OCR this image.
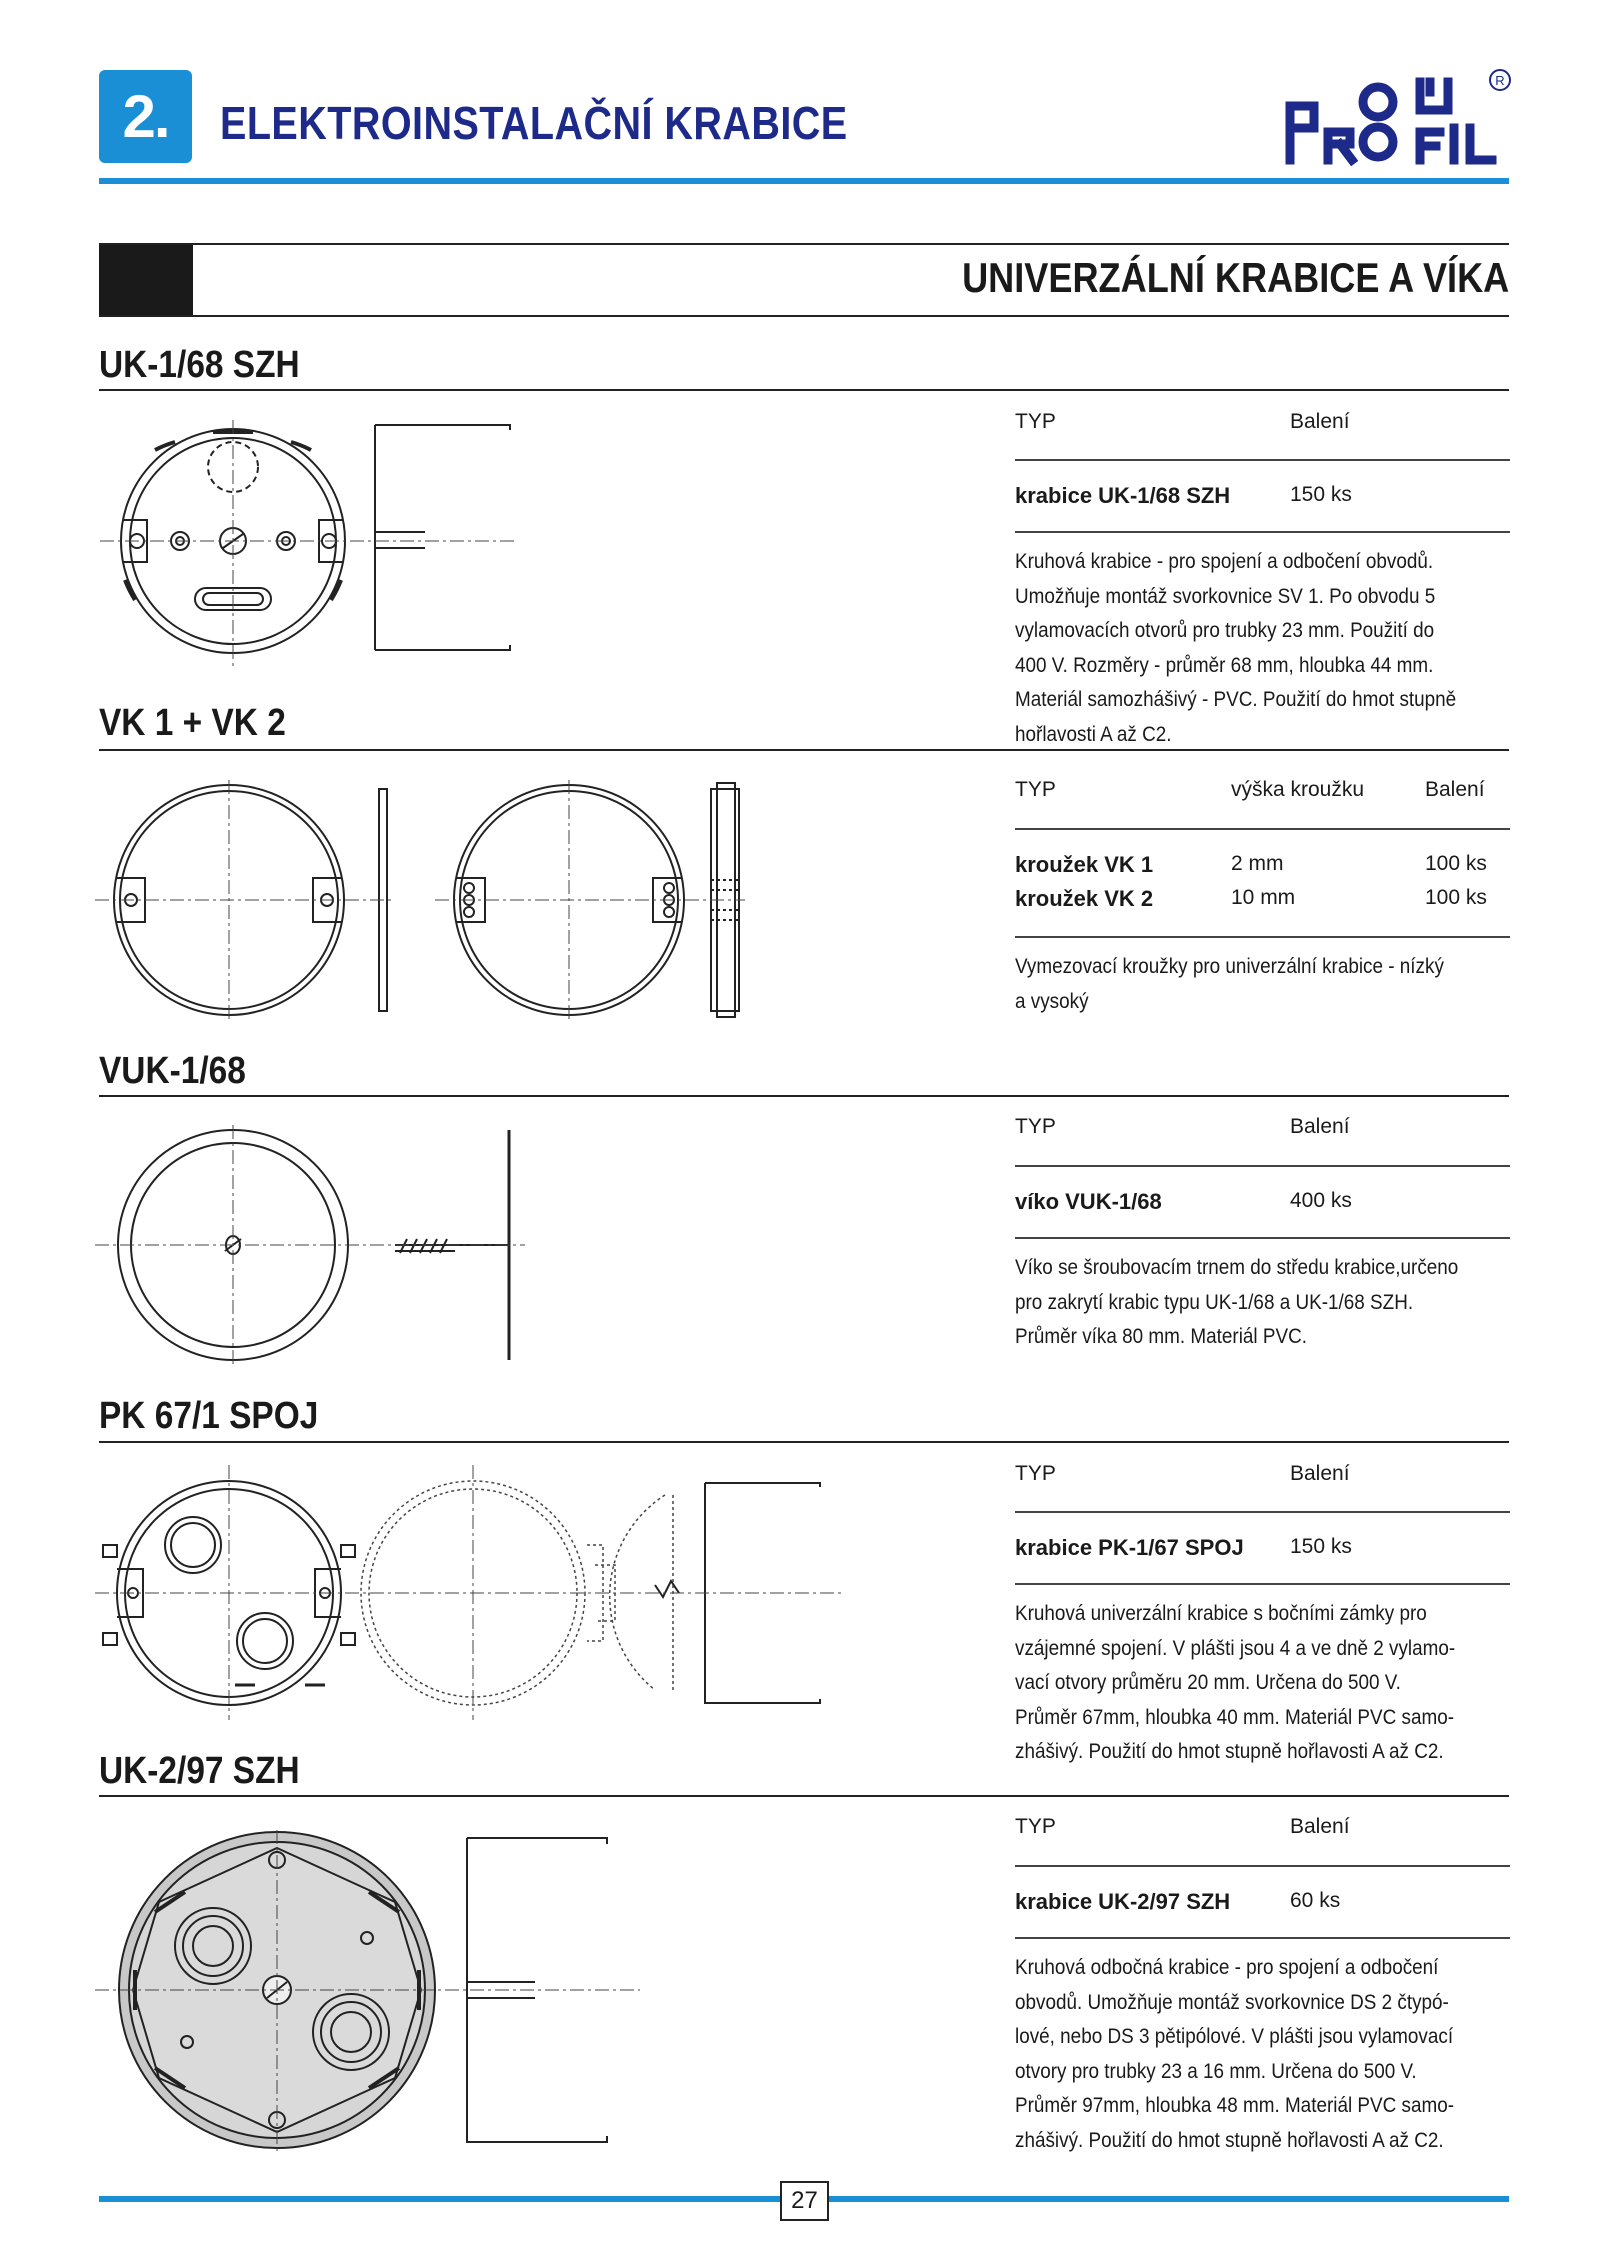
2.	ELEKTROINSTALAČNÍ KRABICE
R
UNIVERZÁLNÍ KRABICE A VÍKA
UK-1/68 SZH
TYP	Balení
krabice UK-1/68 SZH	150 ks
Kruhová krabice - pro spojení a odbočení obvodů.
Umožňuje montáž svorkovnice SV 1. Po obvodu 5
vylamovacích otvorů pro trubky 23 mm. Použití do
400 V. Rozměry - průměr 68 mm, hloubka 44 mm.
Materiál samozhášivý - PVC. Použití do hmot stupně
hořlavosti A až C2.
VK 1 + VK 2
TYP	výška kroužku	Balení
kroužek VK 1	2 mm	100 ks
kroužek VK 2	10 mm	100 ks
Vymezovací kroužky pro univerzální krabice - nízký
a vysoký
VUK-1/68
TYP	Balení
víko VUK-1/68	400 ks
Víko se šroubovacím trnem do středu krabice,určeno
pro zakrytí krabic typu UK-1/68 a UK-1/68 SZH.
Průměr víka 80 mm. Materiál PVC.
PK 67/1 SPOJ
TYP	Balení
krabice PK-1/67 SPOJ 150 ks
Kruhová univerzální krabice s bočními zámky pro
vzájemné spojení. V plášti jsou 4 a ve dně 2 vylamo-
vací otvory průměru 20 mm. Určena do 500 V.
Průměr 67mm, hloubka 40 mm. Materiál PVC samo-
zhášivý. Použití do hmot stupně hořlavosti A až C2.
UK-2/97 SZH
TYP	Balení
krabice UK-2/97 SZH	60 ks
Kruhová odbočná krabice - pro spojení a odbočení
obvodů. Umožňuje montáž svorkovnice DS 2 čtypó-
lové, nebo DS 3 pětipólové. V plášti jsou vylamovací
otvory pro trubky 23 a 16 mm. Určena do 500 V.
Průměr 97mm, hloubka 48 mm. Materiál PVC samo-
zhášivý. Použití do hmot stupně hořlavosti A až C2.
27
